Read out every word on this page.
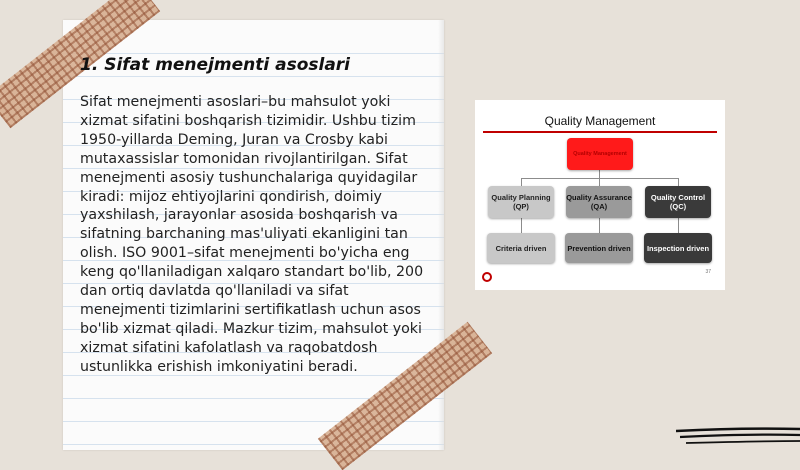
1. Sifat menejmenti asoslari

Sifat menejmenti asoslari–bu mahsulot yoki xizmat sifatini boshqarish tizimidir. Ushbu tizim 1950-yillarda Deming, Juran va Crosby kabi mutaxassislar tomonidan rivojlantirilgan. Sifat menejmenti asosiy tushunchalariga quyidagilar kiradi: mijoz ehtiyojlarini qondirish, doimiy yaxshilash, jarayonlar asosida boshqarish va sifatning barchaning mas'uliyati ekanligini tan olish. ISO 9001–sifat menejmenti bo'yicha eng keng qo'llaniladigan xalqaro standart bo'lib, 200 dan ortiq davlatda qo'llaniladi va sifat menejmenti tizimlarini sertifikatlash uchun asos bo'lib xizmat qiladi. Mazkur tizim, mahsulot yoki xizmat sifatini kafolatlash va raqobatdosh ustunlikka erishish imkoniyatini beradi.

Quality Management
Quality Management
Quality Planning (QP)
Quality Assurance (QA)
Quality Control (QC)
Criteria driven	Prevention driven	Inspection driven
37
